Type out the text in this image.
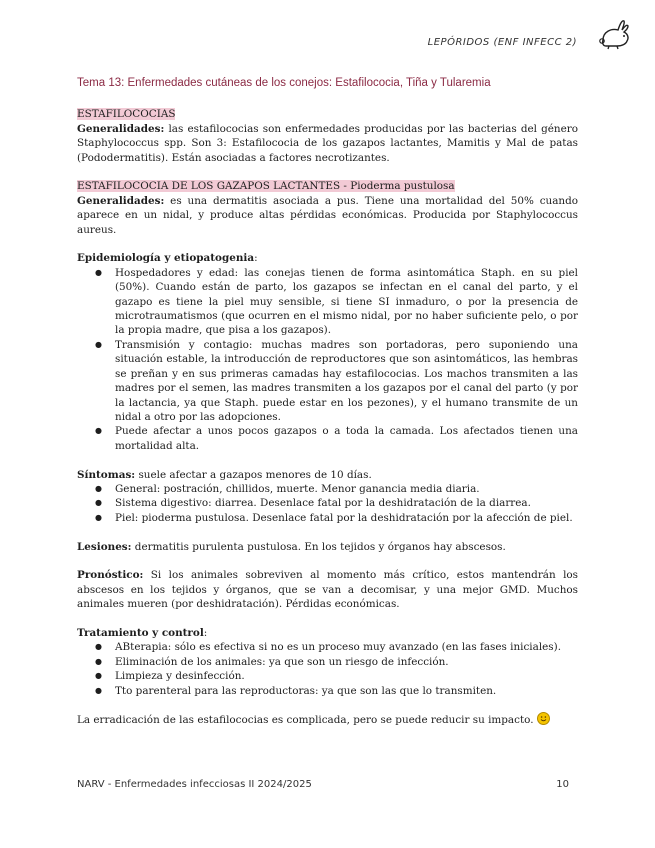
LEPÓRIDOS (ENF INFECC 2)

Tema 13: Enfermedades cutáneas de los conejos: Estafilococia, Tiña y Tularemia

ESTAFILOCOCIAS

Generalidades: las estafilococias son enfermedades producidas por las bacterias del género Staphylococcus spp. Son 3: Estafilococia de los gazapos lactantes, Mamitis y Mal de patas (Pododermatitis). Están asociadas a factores necrotizantes.

ESTAFILOCOCIA DE LOS GAZAPOS LACTANTES - Pioderma pustulosa

Generalidades: es una dermatitis asociada a pus. Tiene una mortalidad del 50% cuando aparece en un nidal, y produce altas pérdidas económicas. Producida por Staphylococcus aureus.

Epidemiología y etiopatogenia:

● Hospedadores y edad: las conejas tienen de forma asintomática Staph. en su piel (50%). Cuando están de parto, los gazapos se infectan en el canal del parto, y el gazapo es tiene la piel muy sensible, si tiene SI inmaduro, o por la presencia de microtraumatismos (que ocurren en el mismo nidal, por no haber suficiente pelo, o por la propia madre, que pisa a los gazapos).
● Transmisión y contagio: muchas madres son portadoras, pero suponiendo una situación estable, la introducción de reproductores que son asintomáticos, las hembras se preñan y en sus primeras camadas hay estafilococias. Los machos transmiten a las madres por el semen, las madres transmiten a los gazapos por el canal del parto (y por la lactancia, ya que Staph. puede estar en los pezones), y el humano transmite de un nidal a otro por las adopciones.
● Puede afectar a unos pocos gazapos o a toda la camada. Los afectados tienen una mortalidad alta.

Síntomas: suele afectar a gazapos menores de 10 días.

● General: postración, chillidos, muerte. Menor ganancia media diaria.
● Sistema digestivo: diarrea. Desenlace fatal por la deshidratación de la diarrea.
● Piel: pioderma pustulosa. Desenlace fatal por la deshidratación por la afección de piel.

Lesiones: dermatitis purulenta pustulosa. En los tejidos y órganos hay abscesos.

Pronóstico: Si los animales sobreviven al momento más crítico, estos mantendrán los abscesos en los tejidos y órganos, que se van a decomisar, y una mejor GMD. Muchos animales mueren (por deshidratación). Pérdidas económicas.

Tratamiento y control:

● ABterapia: sólo es efectiva si no es un proceso muy avanzado (en las fases iniciales).
● Eliminación de los animales: ya que son un riesgo de infección.
● Limpieza y desinfección.
● Tto parenteral para las reproductoras: ya que son las que lo transmiten.

La erradicación de las estafilococias es complicada, pero se puede reducir su impacto.

NARV - Enfermedades infecciosas II 2024/2025	10
